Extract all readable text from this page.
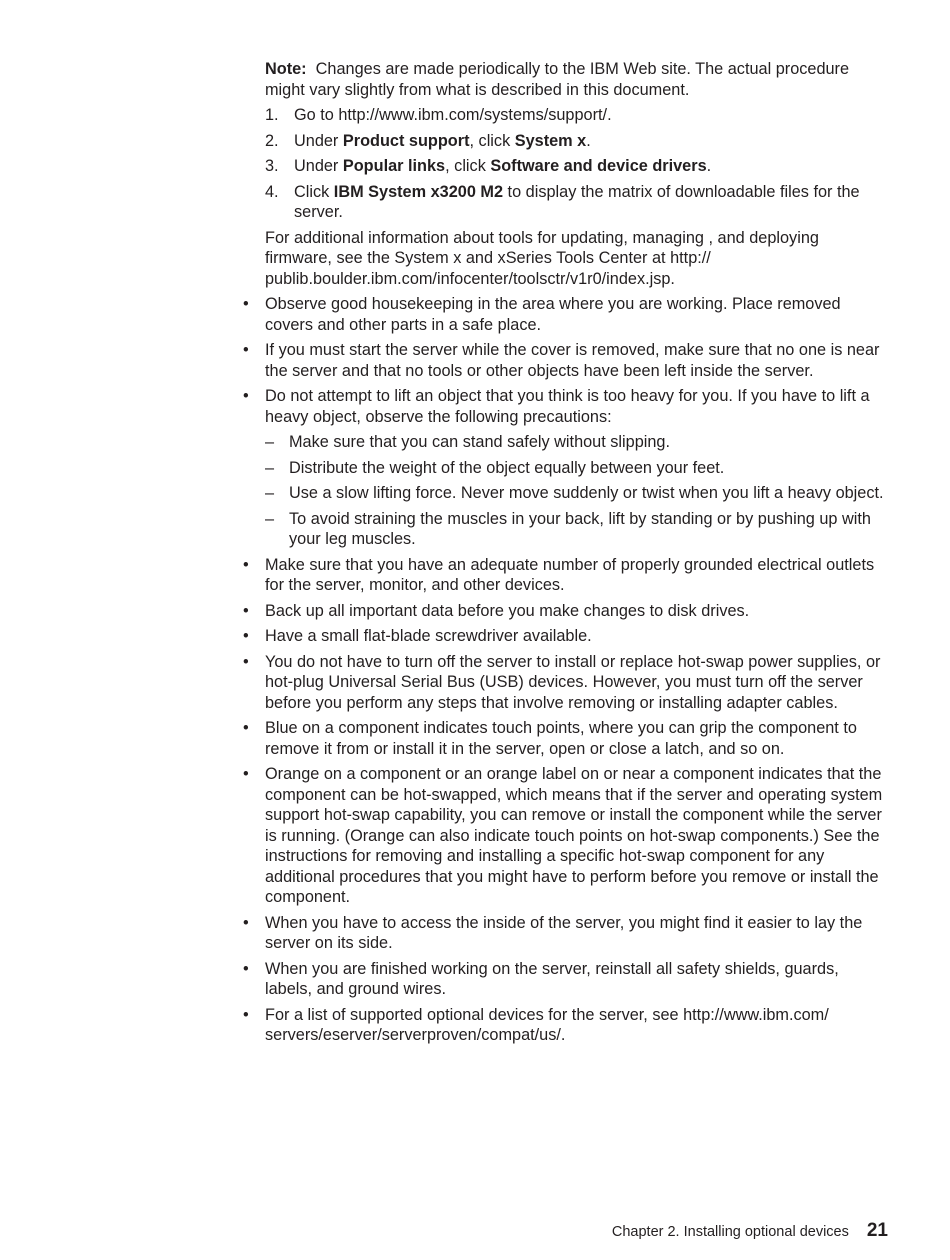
Note: Changes are made periodically to the IBM Web site. The actual procedure might vary slightly from what is described in this document.
1. Go to http://www.ibm.com/systems/support/.
2. Under Product support, click System x.
3. Under Popular links, click Software and device drivers.
4. Click IBM System x3200 M2 to display the matrix of downloadable files for the server.
For additional information about tools for updating, managing , and deploying firmware, see the System x and xSeries Tools Center at http:// publib.boulder.ibm.com/infocenter/toolsctr/v1r0/index.jsp.
• Observe good housekeeping in the area where you are working. Place removed covers and other parts in a safe place.
• If you must start the server while the cover is removed, make sure that no one is near the server and that no tools or other objects have been left inside the server.
• Do not attempt to lift an object that you think is too heavy for you. If you have to lift a heavy object, observe the following precautions:
– Make sure that you can stand safely without slipping.
– Distribute the weight of the object equally between your feet.
– Use a slow lifting force. Never move suddenly or twist when you lift a heavy object.
– To avoid straining the muscles in your back, lift by standing or by pushing up with your leg muscles.
• Make sure that you have an adequate number of properly grounded electrical outlets for the server, monitor, and other devices.
• Back up all important data before you make changes to disk drives.
• Have a small flat-blade screwdriver available.
• You do not have to turn off the server to install or replace hot-swap power supplies, or hot-plug Universal Serial Bus (USB) devices. However, you must turn off the server before you perform any steps that involve removing or installing adapter cables.
• Blue on a component indicates touch points, where you can grip the component to remove it from or install it in the server, open or close a latch, and so on.
• Orange on a component or an orange label on or near a component indicates that the component can be hot-swapped, which means that if the server and operating system support hot-swap capability, you can remove or install the component while the server is running. (Orange can also indicate touch points on hot-swap components.) See the instructions for removing and installing a specific hot-swap component for any additional procedures that you might have to perform before you remove or install the component.
• When you have to access the inside of the server, you might find it easier to lay the server on its side.
• When you are finished working on the server, reinstall all safety shields, guards, labels, and ground wires.
• For a list of supported optional devices for the server, see http://www.ibm.com/ servers/eserver/serverproven/compat/us/.
Chapter 2. Installing optional devices 21
